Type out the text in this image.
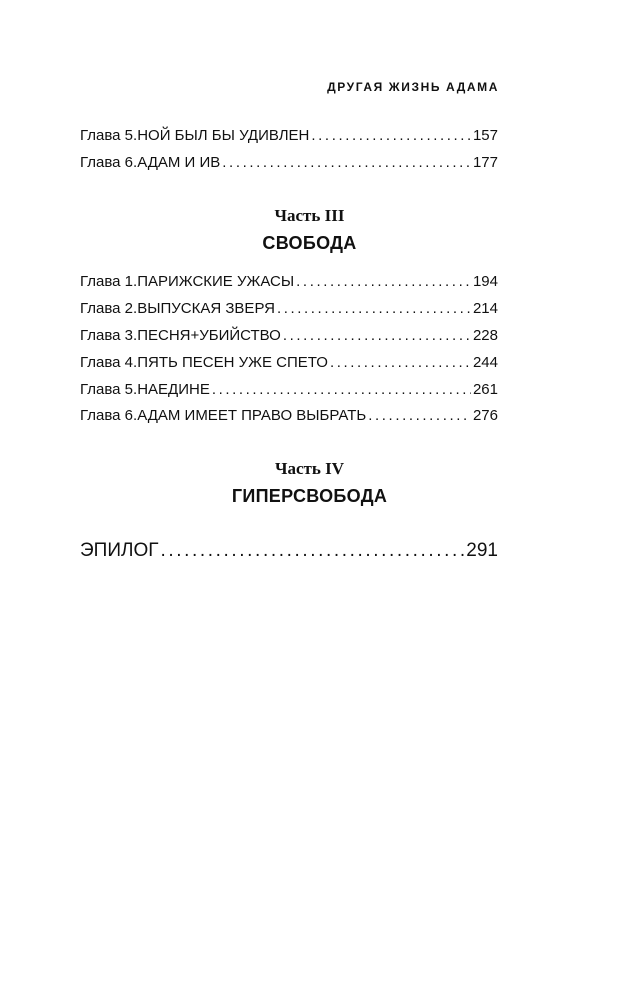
ДРУГАЯ ЖИЗНЬ АДАМА
Глава 5. НОЙ БЫЛ БЫ УДИВЛЕН .....	157
Глава 6. АДАМ И ИВ .....	177
Часть III
СВОБОДА
Глава 1. ПАРИЖСКИЕ УЖАСЫ .....	194
Глава 2. ВЫПУСКАЯ ЗВЕРЯ .....	214
Глава 3. ПЕСНЯ+УБИЙСТВО .....	228
Глава 4. ПЯТЬ ПЕСЕН УЖЕ СПЕТО .....	244
Глава 5. НАЕДИНЕ .....	261
Глава 6. АДАМ ИМЕЕТ ПРАВО ВЫБРАТЬ .....	276
Часть IV
ГИПЕРСВОБОДА
ЭПИЛОГ .....	291
